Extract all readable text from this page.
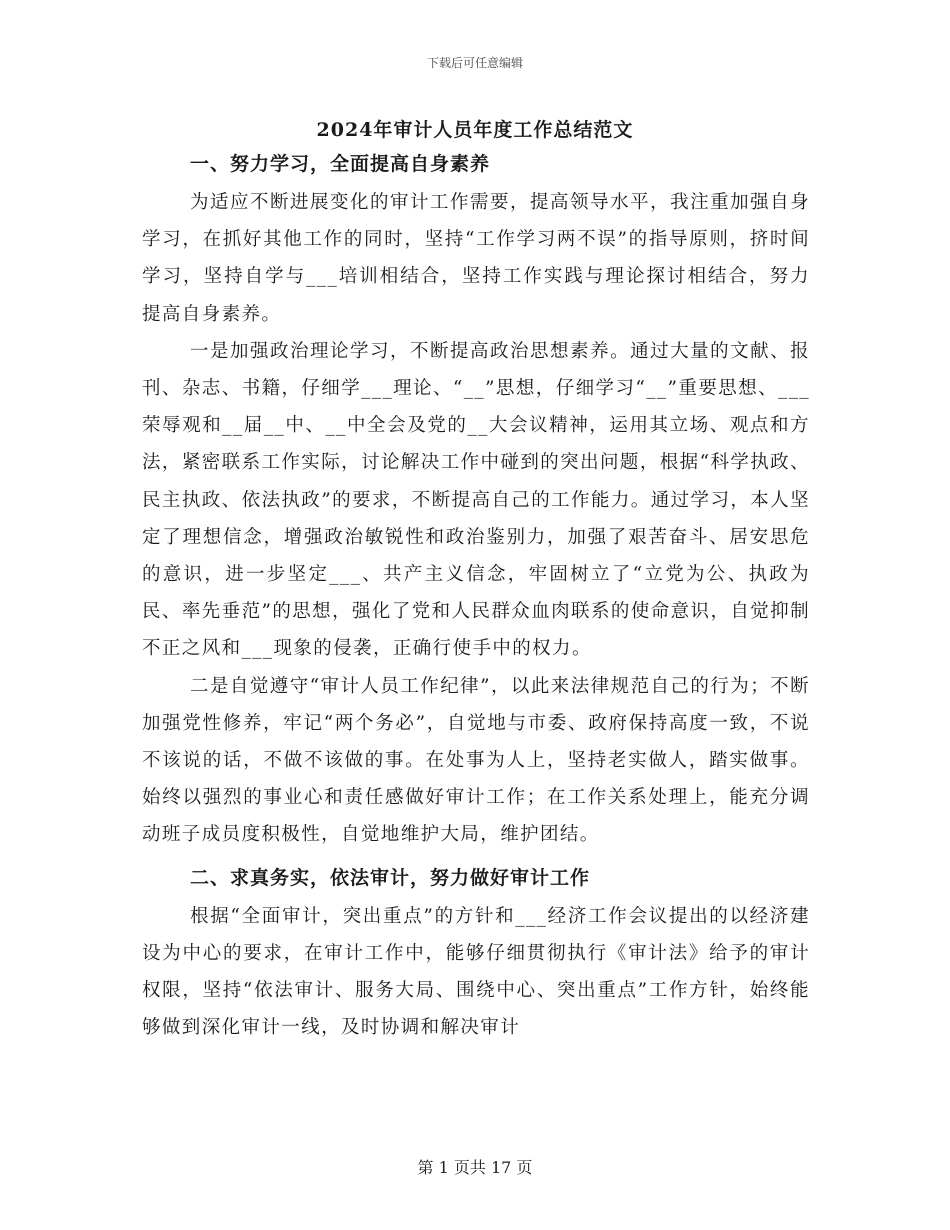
下载后可任意编辑
2024年审计人员年度工作总结范文
一、努力学习，全面提高自身素养

为适应不断进展变化的审计工作需要，提高领导水平，我注重加强自身学习，在抓好其他工作的同时，坚持“工作学习两不误”的指导原则，挤时间学习，坚持自学与___培训相结合，坚持工作实践与理论探讨相结合，努力提高自身素养。

一是加强政治理论学习，不断提高政治思想素养。通过大量的文献、报刊、杂志、书籍，仔细学___理论、“__”思想，仔细学习“__”重要思想、___荣辱观和__届__中、__中全会及党的__大会议精神，运用其立场、观点和方法，紧密联系工作实际，讨论解决工作中碰到的突出问题，根据“科学执政、民主执政、依法执政”的要求，不断提高自己的工作能力。通过学习，本人坚定了理想信念，增强政治敏锐性和政治鉴别力，加强了艰苦奋斗、居安思危的意识，进一步坚定___、共产主义信念，牢固树立了“立党为公、执政为民、率先垂范”的思想，强化了党和人民群众血肉联系的使命意识，自觉抑制不正之风和___现象的侵袭，正确行使手中的权力。

二是自觉遵守“审计人员工作纪律”，以此来法律规范自己的行为；不断加强党性修养，牢记“两个务必”，自觉地与市委、政府保持高度一致，不说不该说的话，不做不该做的事。在处事为人上，坚持老实做人，踏实做事。始终以强烈的事业心和责任感做好审计工作；在工作关系处理上，能充分调动班子成员度积极性，自觉地维护大局，维护团结。

二、求真务实，依法审计，努力做好审计工作

根据“全面审计，突出重点”的方针和___经济工作会议提出的以经济建设为中心的要求，在审计工作中，能够仔细贯彻执行《审计法》给予的审计权限，坚持“依法审计、服务大局、围绕中心、突出重点”工作方针，始终能够做到深化审计一线，及时协调和解决审计

第 1 页共 17 页
